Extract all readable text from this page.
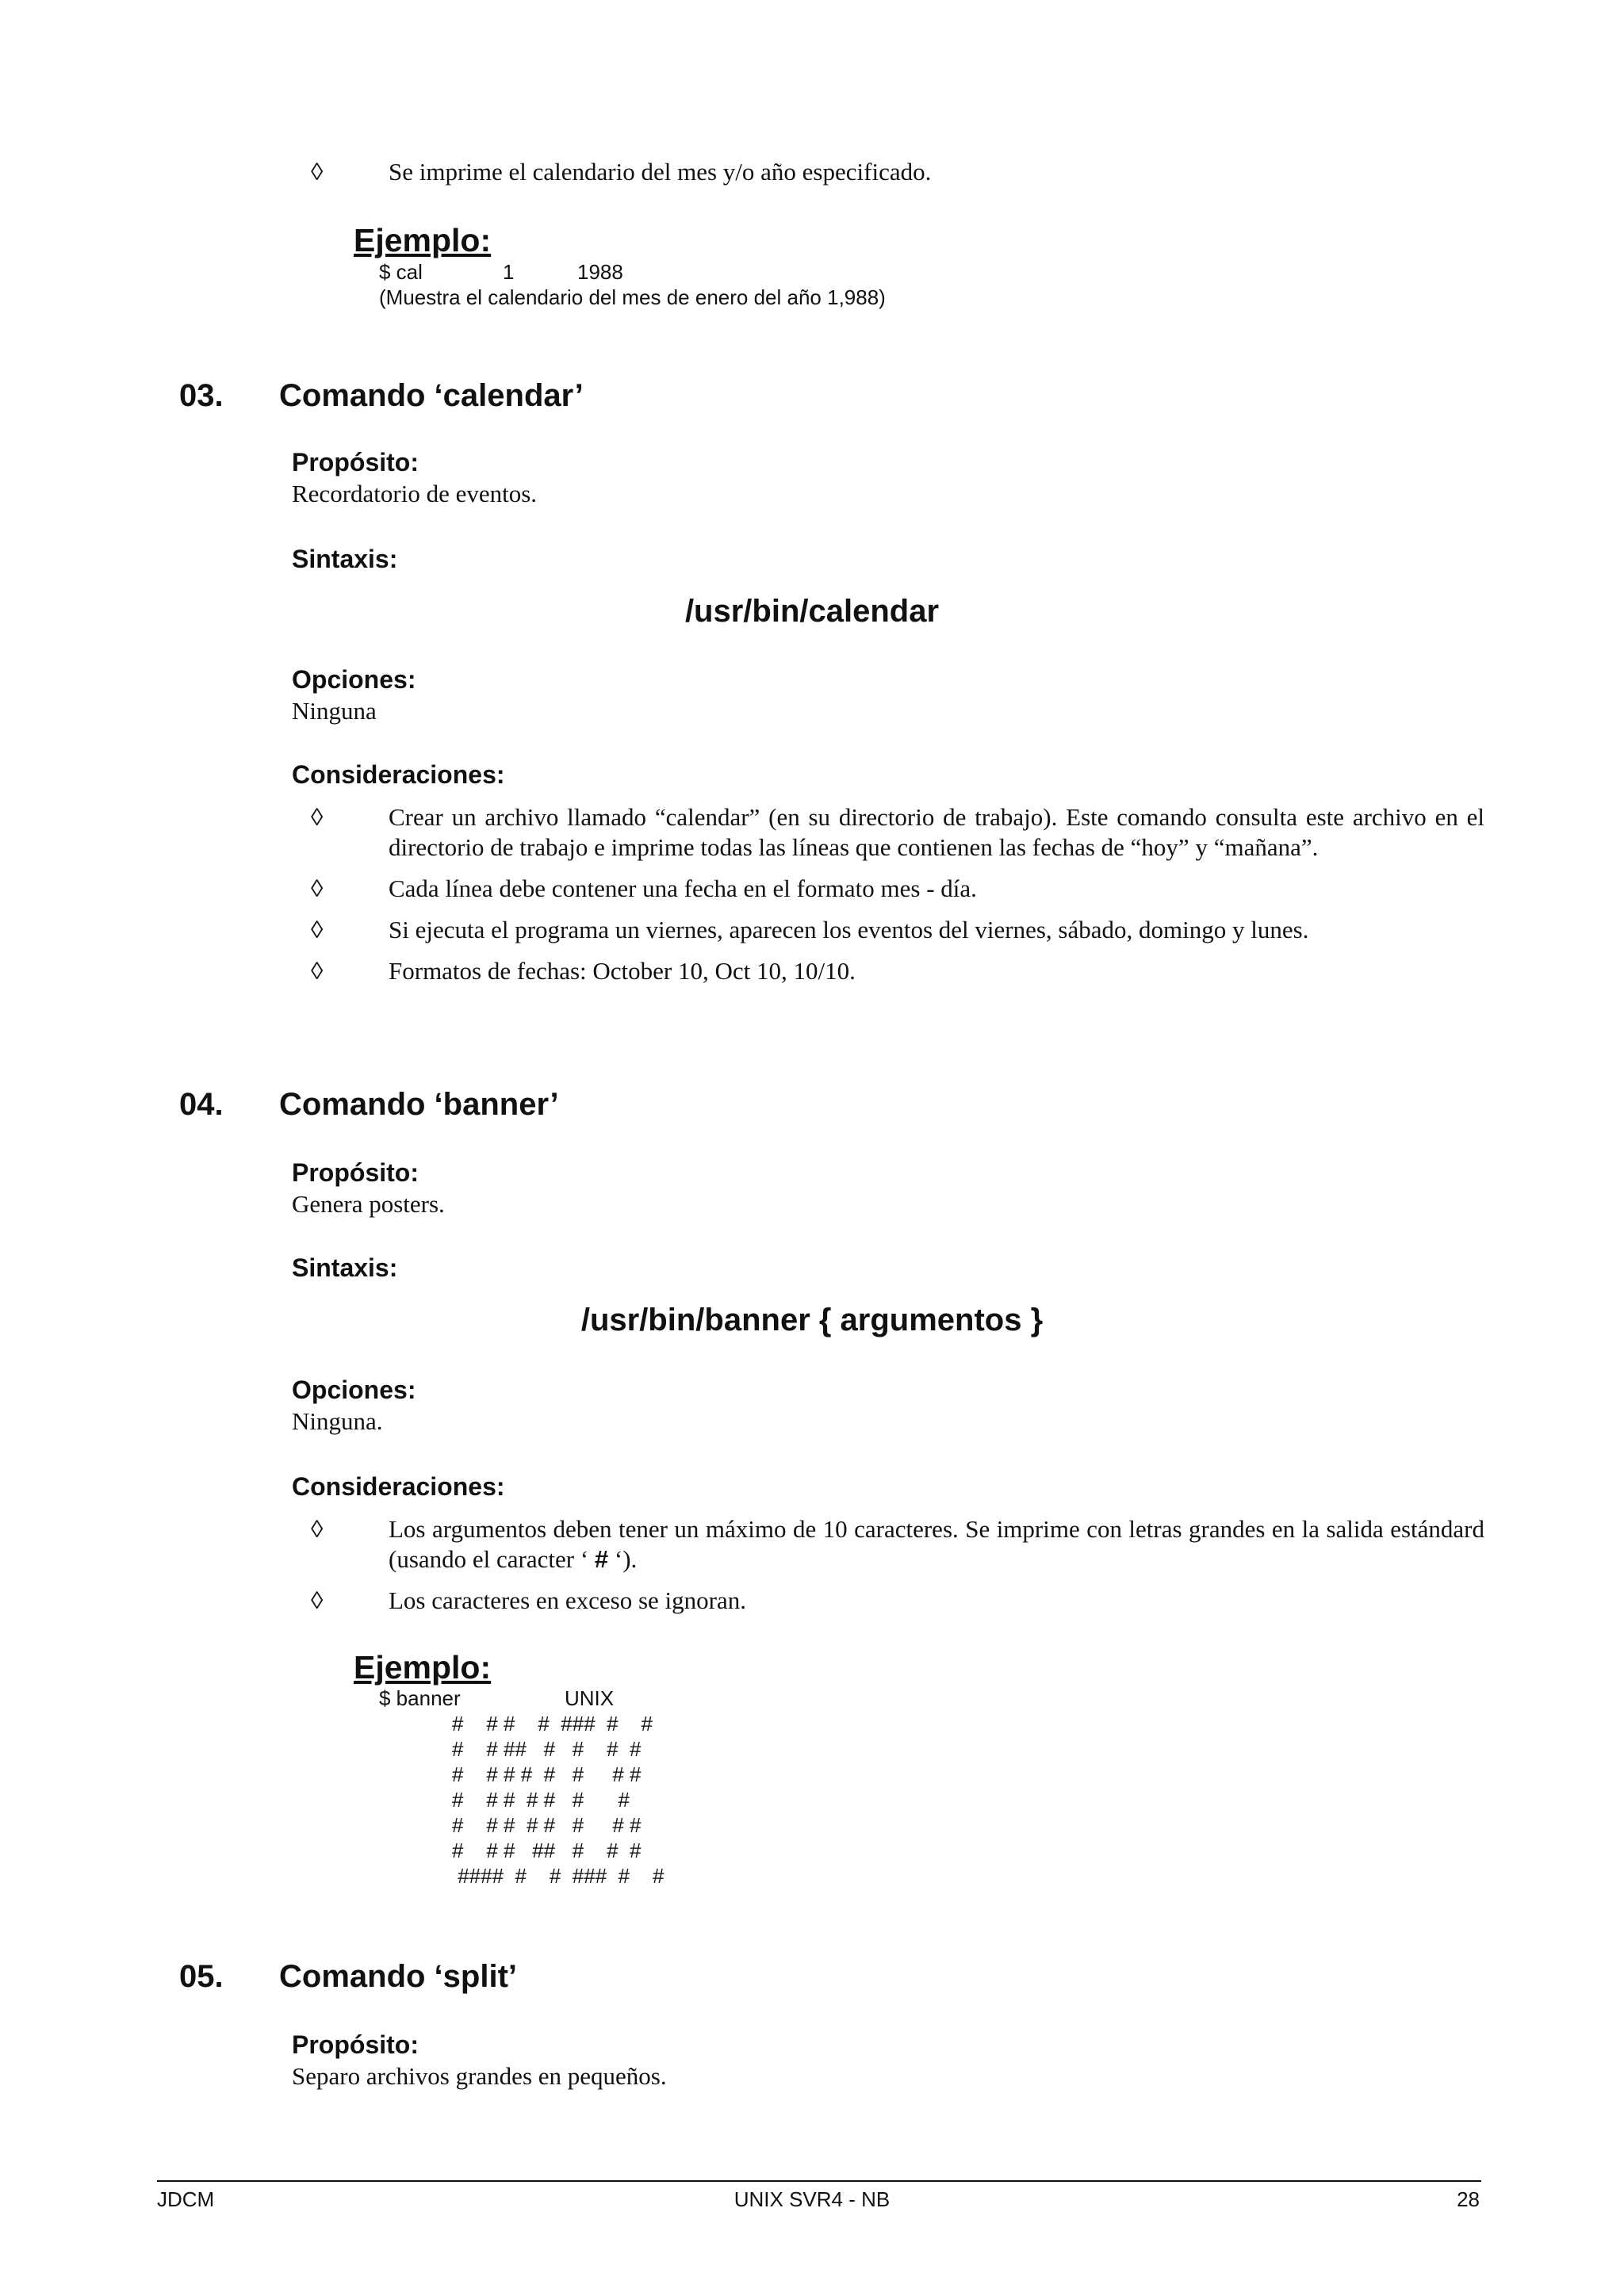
◊	Se imprime el calendario del mes y/o año especificado.
Ejemplo:
$ cal	1	1988
(Muestra el calendario del mes de enero del año 1,988)
03. Comando ‘calendar’
Propósito:
Recordatorio de eventos.
Sintaxis:
/usr/bin/calendar
Opciones:
Ninguna
Consideraciones:
◊	Crear un archivo llamado “calendar” (en su directorio de trabajo). Este comando consulta este archivo en el directorio de trabajo e imprime todas las líneas que contienen las fechas de “hoy” y “mañana”.
◊	Cada línea debe contener una fecha en el formato mes - día.
◊	Si ejecuta el programa un viernes, aparecen los eventos del viernes, sábado, domingo y lunes.
◊	Formatos de fechas: October 10, Oct 10, 10/10.
04. Comando ‘banner’
Propósito:
Genera posters.
Sintaxis:
/usr/bin/banner { argumentos }
Opciones:
Ninguna.
Consideraciones:
◊	Los argumentos deben tener un máximo de 10 caracteres. Se imprime con letras grandes en la salida estándard (usando el caracter ‘ # ‘).
◊	Los caracteres en exceso se ignoran.
Ejemplo:
$ banner	UNIX
#    # #    #  ###  #    #
#    # ##   #   #    #  #
#    # # #  #   #     # #
#    # #  # #   #      #
#    # #  # #   #     # #
#    # #   ##   #    #  #
####  #    #  ###  #    #
05. Comando ‘split’
Propósito:
Separo archivos grandes en pequeños.
JDCM	UNIX SVR4 - NB	28
